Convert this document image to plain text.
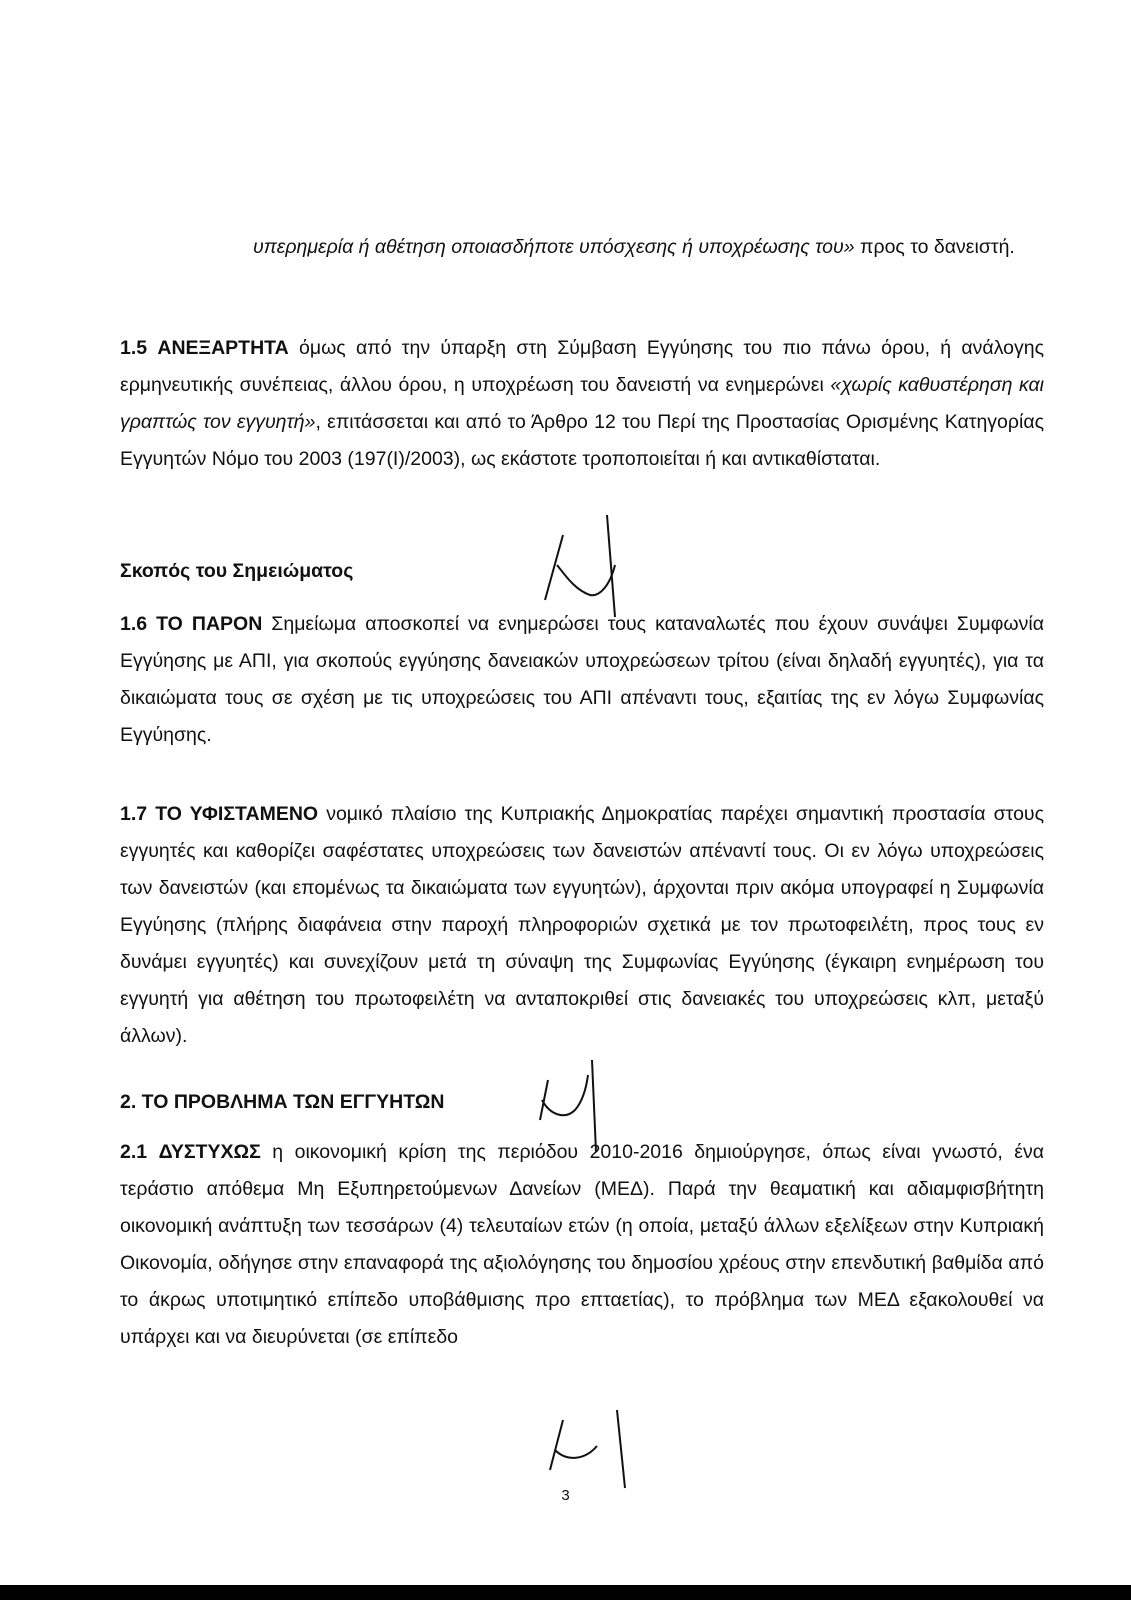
υπερημερία ή αθέτηση οποιασδήποτε υπόσχεσης ή υποχρέωσης του» προς το δανειστή.

1.5 ΑΝΕΞΑΡΤΗΤΑ όμως από την ύπαρξη στη Σύμβαση Εγγύησης του πιο πάνω όρου, ή ανάλογης ερμηνευτικής συνέπειας, άλλου όρου, η υποχρέωση του δανειστή να ενημερώνει «χωρίς καθυστέρηση και γραπτώς τον εγγυητή», επιτάσσεται και από το Άρθρο 12 του Περί της Προστασίας Ορισμένης Κατηγορίας Εγγυητών Νόμο του 2003 (197(I)/2003), ως εκάστοτε τροποποιείται ή και αντικαθίσταται.

Σκοπός του Σημειώματος

1.6 ΤΟ ΠΑΡΟΝ Σημείωμα αποσκοπεί να ενημερώσει τους καταναλωτές που έχουν συνάψει Συμφωνία Εγγύησης με ΑΠΙ, για σκοπούς εγγύησης δανειακών υποχρεώσεων τρίτου (είναι δηλαδή εγγυητές), για τα δικαιώματα τους σε σχέση με τις υποχρεώσεις του ΑΠΙ απέναντι τους, εξαιτίας της εν λόγω Συμφωνίας Εγγύησης.

1.7 ΤΟ ΥΦΙΣΤΑΜΕΝΟ νομικό πλαίσιο της Κυπριακής Δημοκρατίας παρέχει σημαντική προστασία στους εγγυητές και καθορίζει σαφέστατες υποχρεώσεις των δανειστών απέναντί τους. Οι εν λόγω υποχρεώσεις των δανειστών (και επομένως τα δικαιώματα των εγγυητών), άρχονται πριν ακόμα υπογραφεί η Συμφωνία Εγγύησης (πλήρης διαφάνεια στην παροχή πληροφοριών σχετικά με τον πρωτοφειλέτη, προς τους εν δυνάμει εγγυητές) και συνεχίζουν μετά τη σύναψη της Συμφωνίας Εγγύησης (έγκαιρη ενημέρωση του εγγυητή για αθέτηση του πρωτοφειλέτη να ανταποκριθεί στις δανειακές του υποχρεώσεις κλπ, μεταξύ άλλων).

2. ΤΟ ΠΡΟΒΛΗΜΑ ΤΩΝ ΕΓΓΥΗΤΩΝ

2.1 ΔΥΣΤΥΧΩΣ η οικονομική κρίση της περιόδου 2010-2016 δημιούργησε, όπως είναι γνωστό, ένα τεράστιο απόθεμα Μη Εξυπηρετούμενων Δανείων (ΜΕΔ). Παρά την θεαματική και αδιαμφισβήτητη οικονομική ανάπτυξη των τεσσάρων (4) τελευταίων ετών (η οποία, μεταξύ άλλων εξελίξεων στην Κυπριακή Οικονομία, οδήγησε στην επαναφορά της αξιολόγησης του δημοσίου χρέους στην επενδυτική βαθμίδα από το άκρως υποτιμητικό επίπεδο υποβάθμισης προ επταετίας), το πρόβλημα των ΜΕΔ εξακολουθεί να υπάρχει και να διευρύνεται (σε επίπεδο

3
